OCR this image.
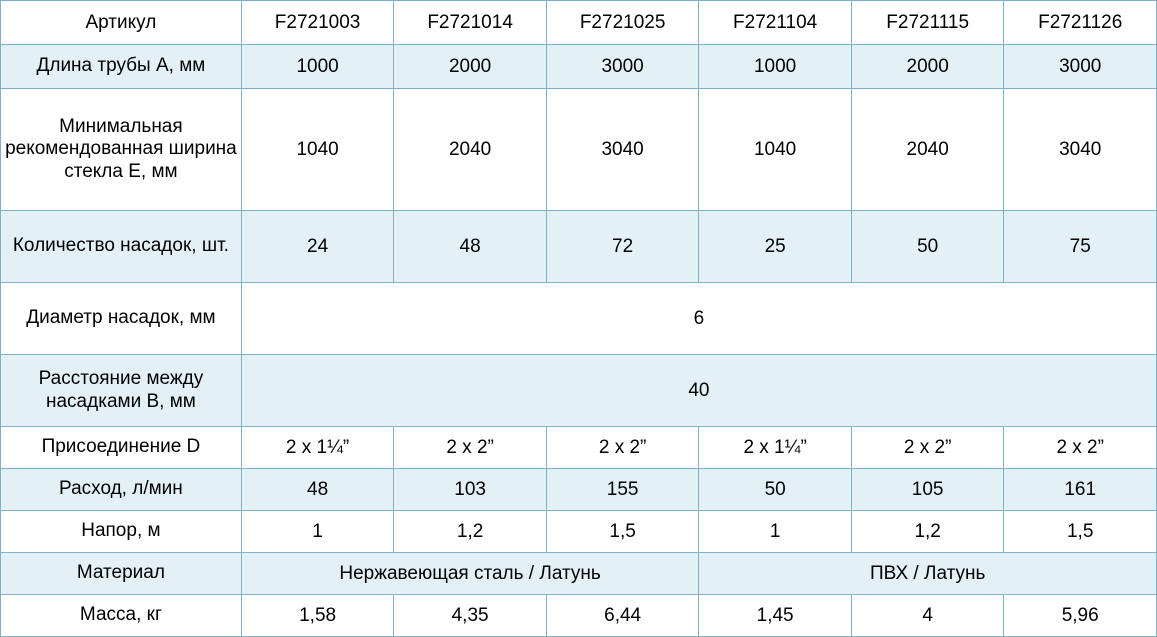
Артикул	F2721003	F2721014	F2721025	F2721104	F2721115	F2721126
Длина трубы A, мм	1000	2000	3000	1000	2000	3000
Минимальная рекомендованная ширина стекла E, мм	1040	2040	3040	1040	2040	3040
Количество насадок, шт.	24	48	72	25	50	75
Диаметр насадок, мм	6					
Расстояние между насадками B, мм	40					
Присоединение D	2 x 1¼”	2 x 2”	2 x 2”	2 x 1¼”	2 x 2”	2 x 2”
Расход, л/мин	48	103	155	50	105	161
Напор, м	1	1,2	1,5	1	1,2	1,5
Материал	Нержавеющая сталь / Латунь			ПВХ / Латунь		
Масса, кг	1,58	4,35	6,44	1,45	4	5,96
